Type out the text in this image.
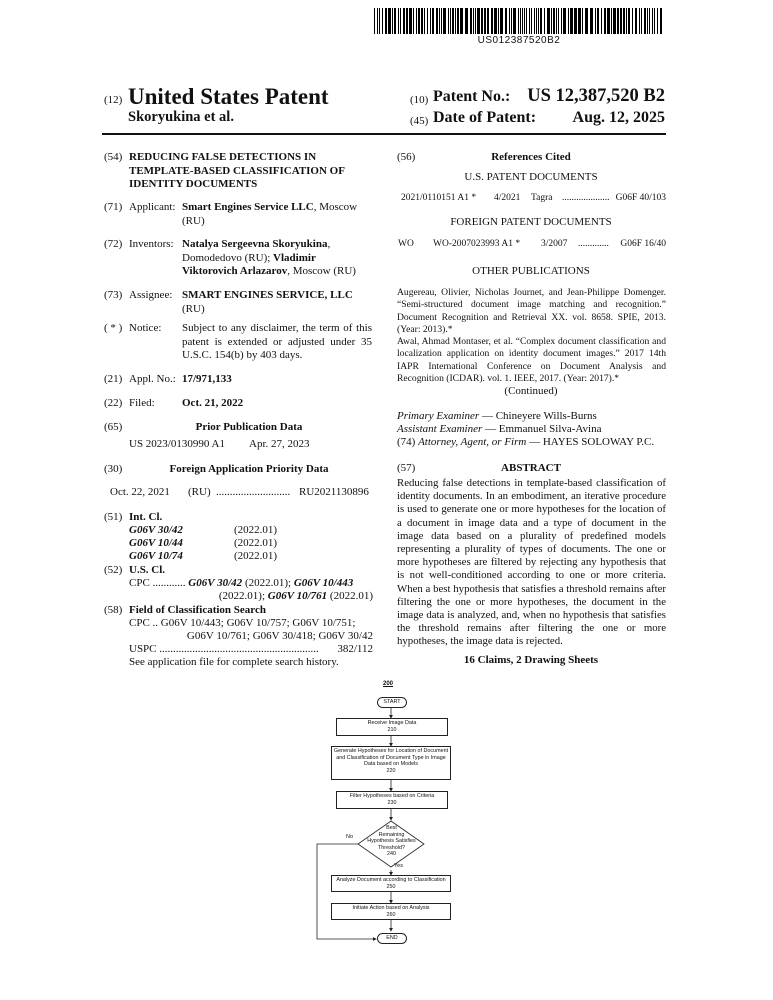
US012387520B2
(12) United States Patent
Skoryukina et al.
(10) Patent No.: US 12,387,520 B2
(45) Date of Patent:	Aug. 12, 2025
(54) REDUCING FALSE DETECTIONS IN TEMPLATE-BASED CLASSIFICATION OF IDENTITY DOCUMENTS
(71) Applicant: Smart Engines Service LLC, Moscow (RU)
(72) Inventors: Natalya Sergeevna Skoryukina, Domodedovo (RU); Vladimir Viktorovich Arlazarov, Moscow (RU)
(73) Assignee: SMART ENGINES SERVICE, LLC
(RU)
( * ) Notice: Subject to any disclaimer, the term of this patent is extended or adjusted under 35 U.S.C. 154(b) by 403 days.
(21) Appl. No.: 17/971,133
(22) Filed: Oct. 21, 2022
(65)	Prior Publication Data
US 2023/0130990 A1 Apr. 27, 2023
(30)	Foreign Application Priority Data
Oct. 22, 2021 (RU) ........................... RU2021130896
(51) Int. Cl.
G06V 30/42	(2022.01)
G06V 10/44	(2022.01)
G06V 10/74	(2022.01)
(52) U.S. Cl.
CPC ............ G06V 30/42 (2022.01); G06V 10/443
(2022.01); G06V 10/761 (2022.01)
(58) Field of Classification Search
CPC .. G06V 10/443; G06V 10/757; G06V 10/751;
G06V 10/761; G06V 30/418; G06V 30/42
USPC ..........................................................	382/112
See application file for complete search history.
(56)	References Cited
U.S. PATENT DOCUMENTS
2021/0110151 A1 * 4/2021 Tagra .................... G06F 40/103
FOREIGN PATENT DOCUMENTS
WO WO-2007023993 A1 * 3/2007 .............	G06F 16/40
OTHER PUBLICATIONS
Augereau, Olivier, Nicholas Journet, and Jean-Philippe Domenger. “Semi-structured document image matching and recognition.” Document Recognition and Retrieval XX. vol. 8658. SPIE, 2013. (Year: 2013).*
Awal, Ahmad Montaser, et al. “Complex document classification and localization application on identity document images.” 2017 14th IAPR International Conference on Document Analysis and Recognition (ICDAR). vol. 1. IEEE, 2017. (Year: 2017).*
(Continued)
Primary Examiner — Chineyere Wills-Burns
Assistant Examiner — Emmanuel Silva-Avina
(74) Attorney, Agent, or Firm — HAYES SOLOWAY P.C.
(57)	ABSTRACT
Reducing false detections in template-based classification of identity documents. In an embodiment, an iterative procedure is used to generate one or more hypotheses for the location of a document in image data and a type of document in the image data based on a plurality of predefined models representing a plurality of types of documents. The one or more hypotheses are filtered by rejecting any hypothesis that is not well-conditioned according to one or more criteria. When a best hypothesis that satisfies a threshold remains after filtering the one or more hypotheses, the document in the image data is analyzed, and, when no hypothesis that satisfies the threshold remains after filtering the one or more hypotheses, the image data is rejected.
16 Claims, 2 Drawing Sheets
200
START
Receive Image Data
210
Generate Hypotheses for Location of Document
and Classification of Document Type in Image
Data based on Models
220
Filter Hypotheses based on Criteria
230
Best
Remaining
Hypothesis Satisfies
Threshold?
240
No
Yes
Analyze Document according to Classification
250
Initiate Action based on Analysis
260
END
